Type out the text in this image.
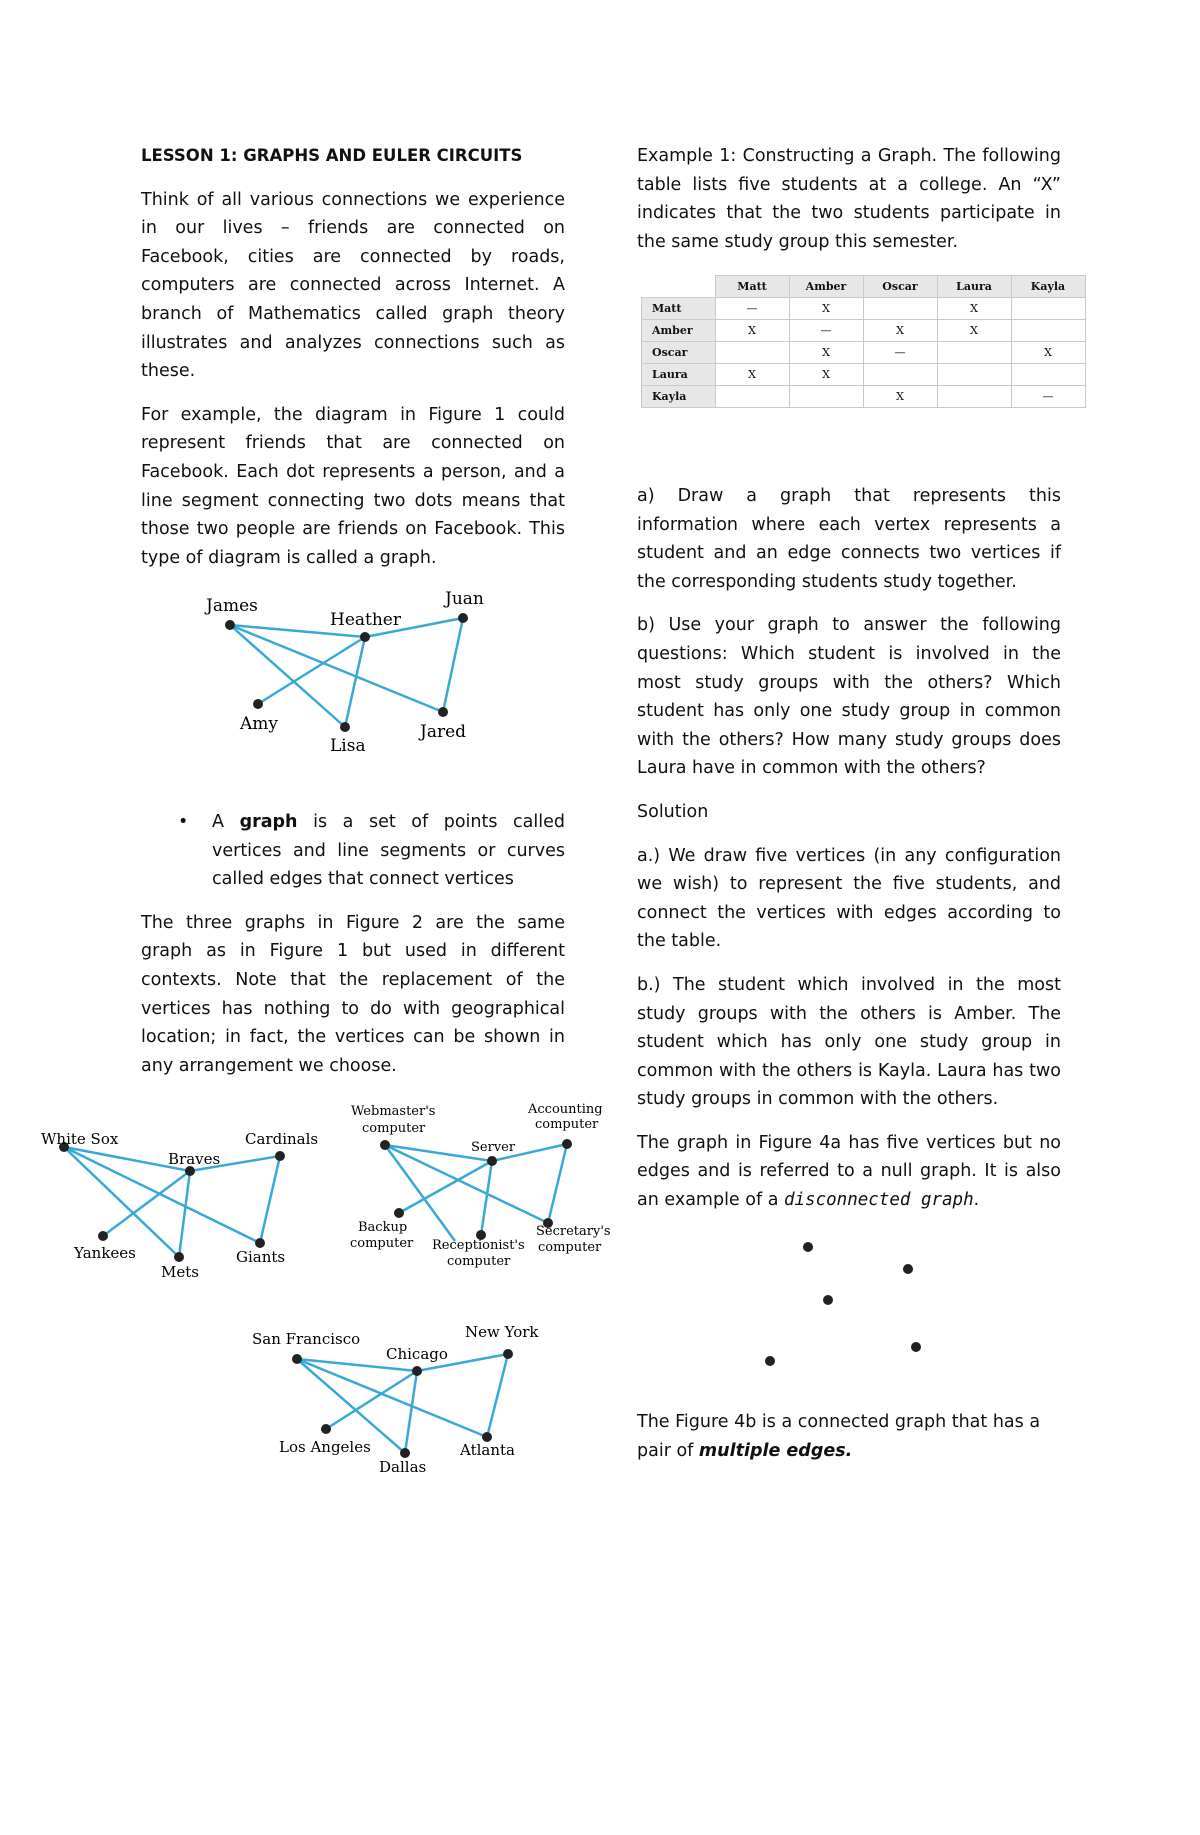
LESSON 1: GRAPHS AND EULER CIRCUITS

Think of all various connections we experience in our lives – friends are connected on Facebook, cities are connected by roads, computers are connected across Internet. A branch of Mathematics called graph theory illustrates and analyzes connections such as these.

For example, the diagram in Figure 1 could represent friends that are connected on Facebook. Each dot represents a person, and a line segment connecting two dots means that those two people are friends on Facebook. This type of diagram is called a graph.

James
Heather
Juan
Amy
Lisa
Jared

• A graph is a set of points called vertices and line segments or curves called edges that connect vertices

The three graphs in Figure 2 are the same graph as in Figure 1 but used in different contexts. Note that the replacement of the vertices has nothing to do with geographical location; in fact, the vertices can be shown in any arrangement we choose.

White Sox
Braves
Cardinals
Yankees
Mets
Giants
Webmaster's
computer
Accounting
computer
Server
Backup
computer Receptionist's
computer
Secretary's
computer
San Francisco
Chicago
New York
Los Angeles
Dallas
Atlanta

Example 1: Constructing a Graph. The following table lists five students at a college. An “X” indicates that the two students participate in the same study group this semester.

	Matt	Amber	Oscar	Laura	Kayla
Matt	—	X		X	
Amber	X	—	X	X	
Oscar		X	—		X
Laura	X	X			
Kayla			X		—

a) Draw a graph that represents this information where each vertex represents a student and an edge connects two vertices if the corresponding students study together.

b) Use your graph to answer the following questions: Which student is involved in the most study groups with the others? Which student has only one study group in common with the others? How many study groups does Laura have in common with the others?

Solution

a.) We draw five vertices (in any configuration we wish) to represent the five students, and connect the vertices with edges according to the table.

b.) The student which involved in the most study groups with the others is Amber. The student which has only one study group in common with the others is Kayla. Laura has two study groups in common with the others.

The graph in Figure 4a has five vertices but no edges and is referred to a null graph. It is also an example of a disconnected graph.

The Figure 4b is a connected graph that has a pair of multiple edges.
